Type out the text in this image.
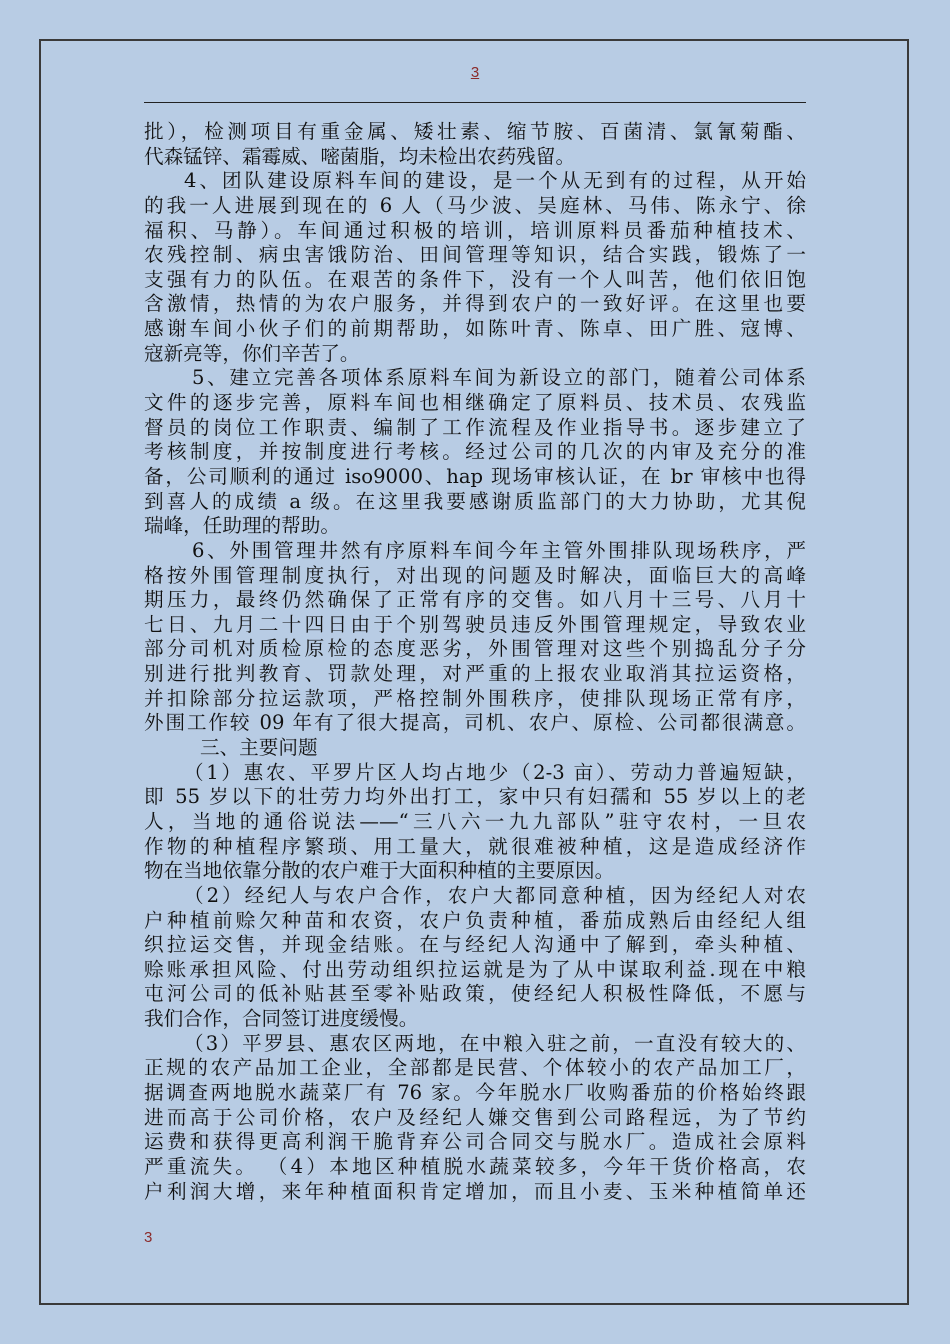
3
批），检测项目有重金属、矮壮素、缩节胺、百菌清、氯氰菊酯、
代森锰锌、霜霉威、嘧菌脂，均未检出农药残留。
4、团队建设原料车间的建设，是一个从无到有的过程，从开始
的我一人进展到现在的 6 人（马少波、吴庭林、马伟、陈永宁、徐
福积、马静）。车间通过积极的培训，培训原料员番茄种植技术、
农残控制、病虫害饿防治、田间管理等知识，结合实践，锻炼了一
支强有力的队伍。在艰苦的条件下，没有一个人叫苦，他们依旧饱
含激情，热情的为农户服务，并得到农户的一致好评。在这里也要
感谢车间小伙子们的前期帮助，如陈叶青、陈卓、田广胜、寇博、
寇新亮等，你们辛苦了。
5、建立完善各项体系原料车间为新设立的部门，随着公司体系
文件的逐步完善，原料车间也相继确定了原料员、技术员、农残监
督员的岗位工作职责、编制了工作流程及作业指导书。逐步建立了
考核制度，并按制度进行考核。经过公司的几次的内审及充分的准
备，公司顺利的通过 iso9000、hap 现场审核认证，在 br 审核中也得
到喜人的成绩 a 级。在这里我要感谢质监部门的大力协助，尤其倪
瑞峰，任助理的帮助。
6、外围管理井然有序原料车间今年主管外围排队现场秩序，严
格按外围管理制度执行，对出现的问题及时解决，面临巨大的高峰
期压力，最终仍然确保了正常有序的交售。如八月十三号、八月十
七日、九月二十四日由于个别驾驶员违反外围管理规定，导致农业
部分司机对质检原检的态度恶劣，外围管理对这些个别捣乱分子分
别进行批判教育、罚款处理，对严重的上报农业取消其拉运资格，
并扣除部分拉运款项，严格控制外围秩序，使排队现场正常有序，
外围工作较 09 年有了很大提高，司机、农户、原检、公司都很满意。
三、主要问题
（1）惠农、平罗片区人均占地少（2-3 亩）、劳动力普遍短缺，
即 55 岁以下的壮劳力均外出打工，家中只有妇孺和 55 岁以上的老
人，当地的通俗说法——“三八六一九九部队”驻守农村，一旦农
作物的种植程序繁琐、用工量大，就很难被种植，这是造成经济作
物在当地依靠分散的农户难于大面积种植的主要原因。
（2）经纪人与农户合作，农户大都同意种植，因为经纪人对农
户种植前赊欠种苗和农资，农户负责种植，番茄成熟后由经纪人组
织拉运交售，并现金结账。在与经纪人沟通中了解到，牵头种植、
赊账承担风险、付出劳动组织拉运就是为了从中谋取利益.现在中粮
屯河公司的低补贴甚至零补贴政策，使经纪人积极性降低，不愿与
我们合作，合同签订进度缓慢。
（3）平罗县、惠农区两地，在中粮入驻之前，一直没有较大的、
正规的农产品加工企业，全部都是民营、个体较小的农产品加工厂，
据调查两地脱水蔬菜厂有 76 家。今年脱水厂收购番茄的价格始终跟
进而高于公司价格，农户及经纪人嫌交售到公司路程远，为了节约
运费和获得更高利润干脆背弃公司合同交与脱水厂。造成社会原料
严重流失。 （4）本地区种植脱水蔬菜较多，今年干货价格高，农
户利润大增，来年种植面积肯定增加，而且小麦、玉米种植简单还
3
